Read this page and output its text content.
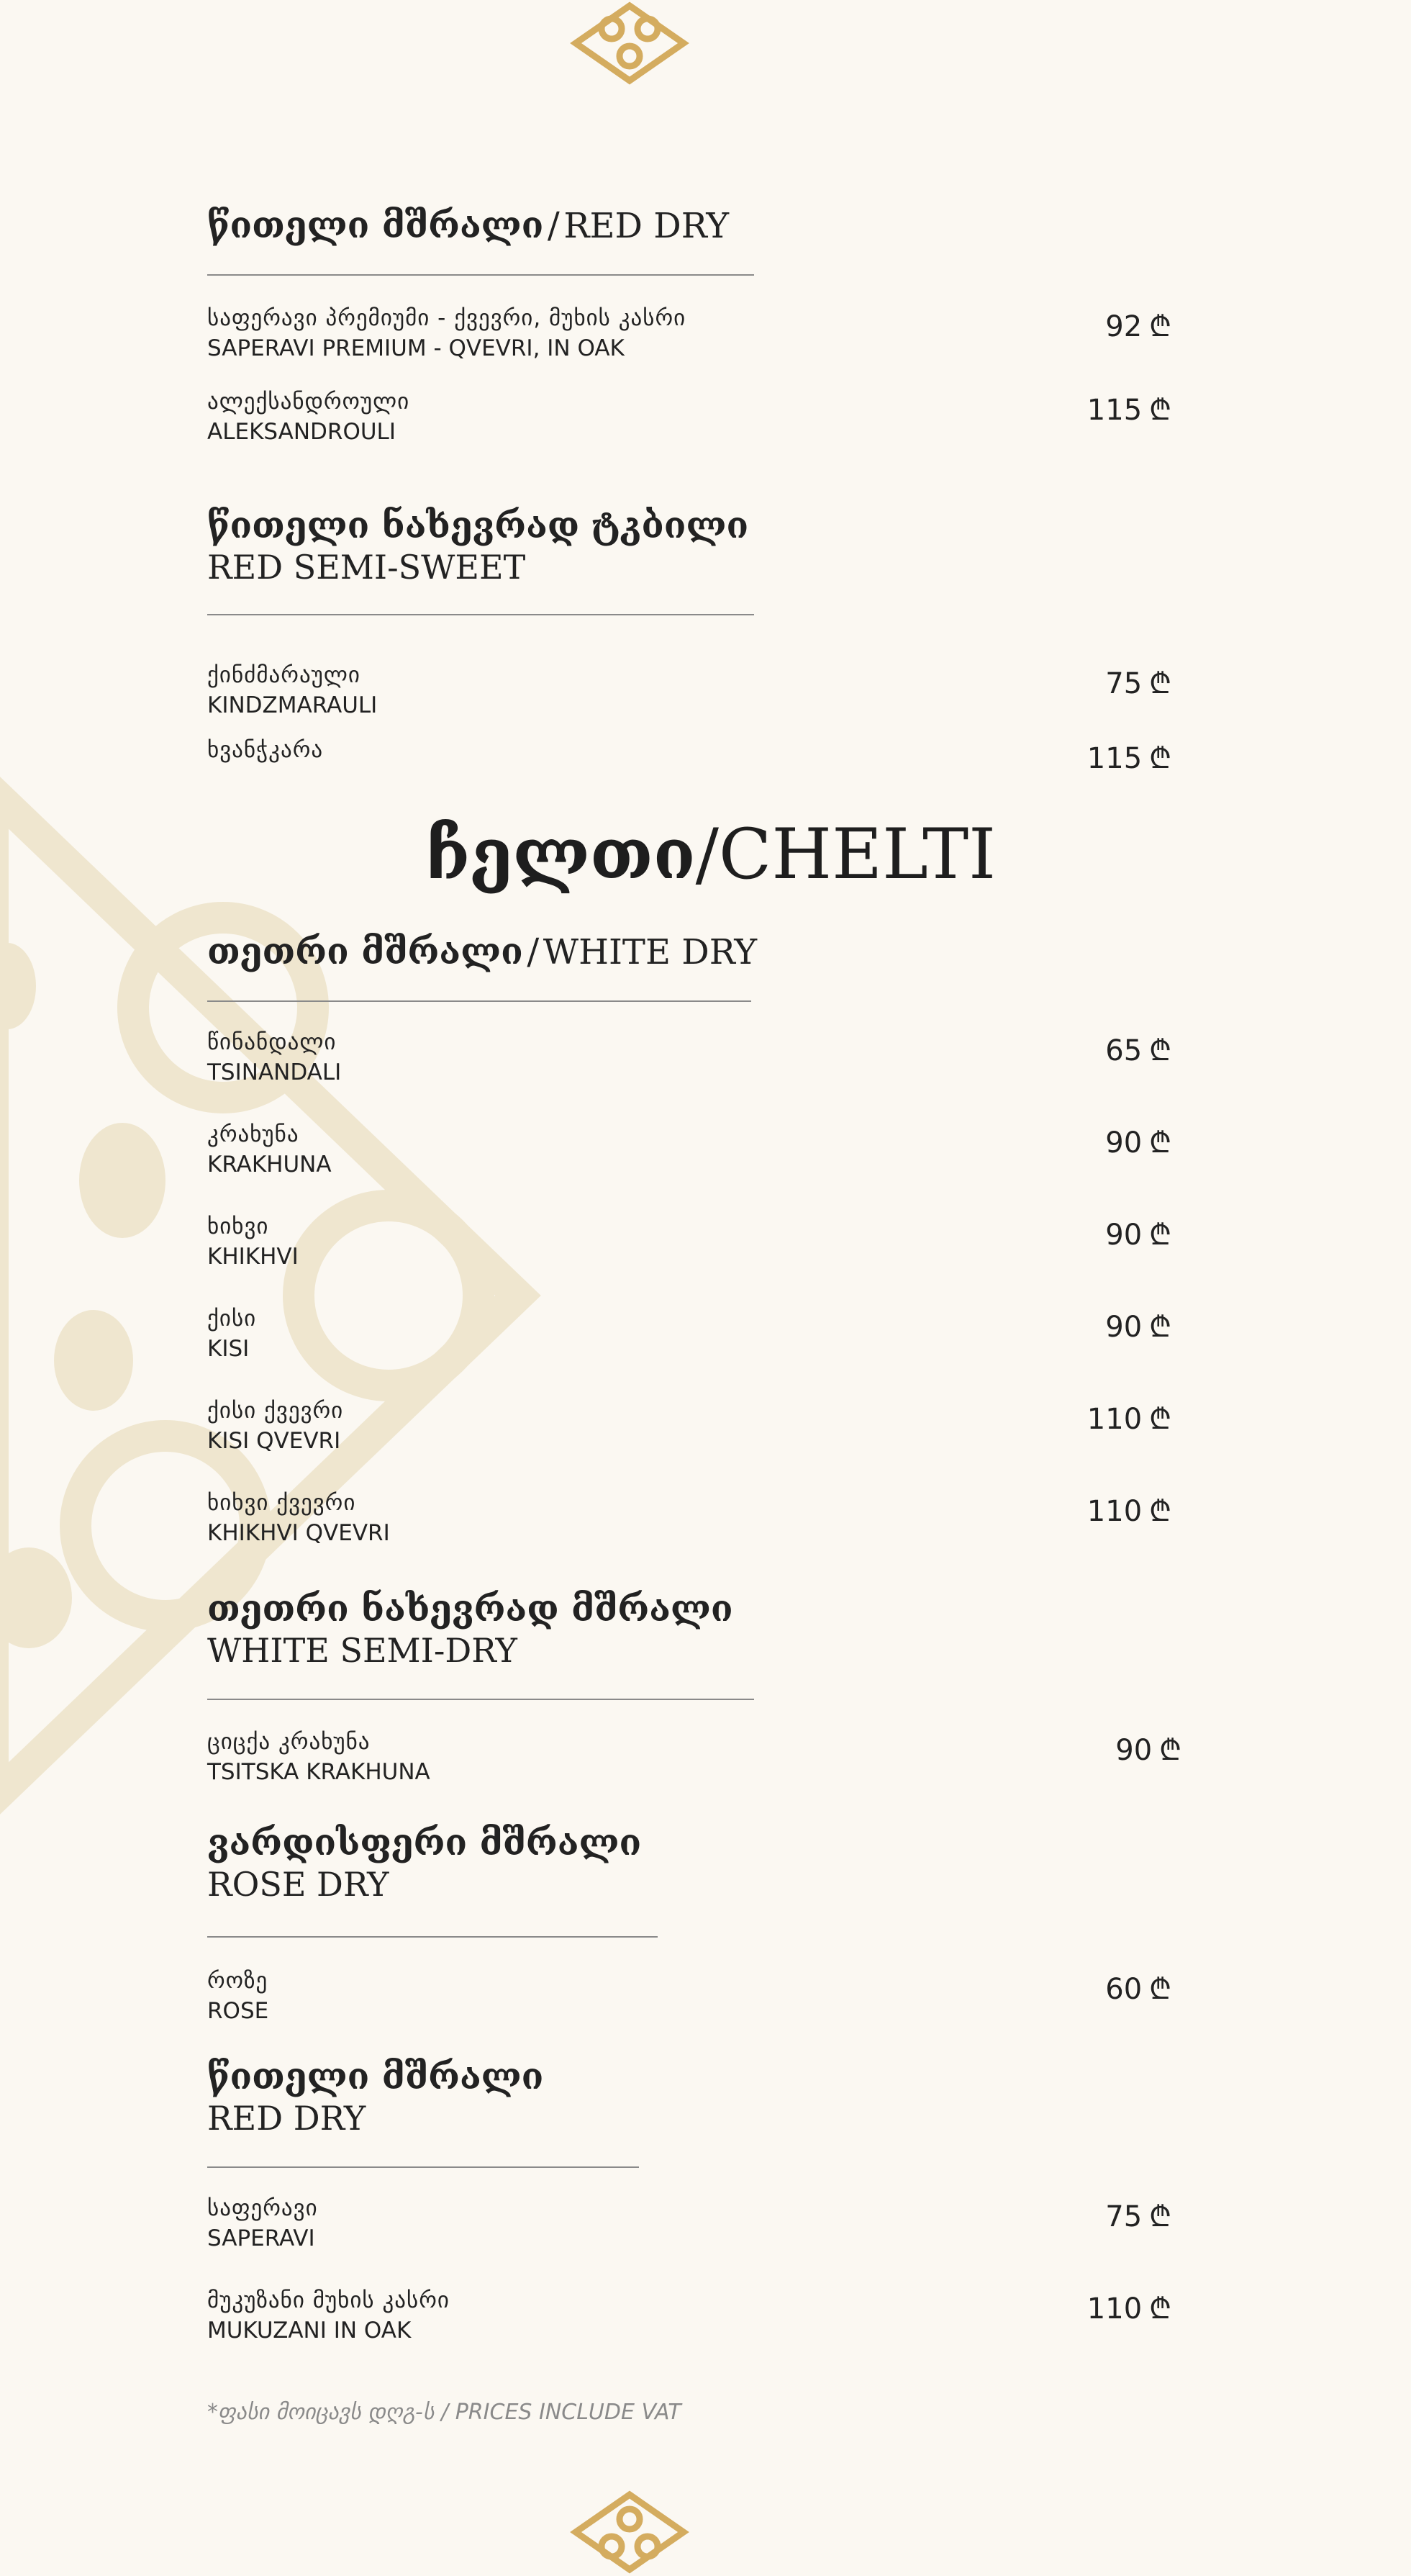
წითელი მშრალი / RED DRY
საფერავი პრემიუმი - ქვევრი, მუხის კასრი
SAPERAVI PREMIUM - QVEVRI, IN OAK
92 ₾
ალექსანდროული
ALEKSANDROULI
115 ₾
წითელი ნახევრად ტკბილი
RED SEMI-SWEET
ქინძმარაული
KINDZMARAULI
75 ₾
ხვანჭკარა	115 ₾
ჩელთი/CHELTI
თეთრი მშრალი / WHITE DRY
წინანდალი
TSINANDALI
65 ₾
კრახუნა
KRAKHUNA
90 ₾
ხიხვი
KHIKHVI
90 ₾
ქისი
KISI
90 ₾
ქისი ქვევრი
KISI QVEVRI
110 ₾
ხიხვი ქვევრი
KHIKHVI QVEVRI
110 ₾
თეთრი ნახევრად მშრალი
WHITE SEMI-DRY
ციცქა კრახუნა
TSITSKA KRAKHUNA
90 ₾
ვარდისფერი მშრალი
ROSE DRY
როზე
ROSE
60 ₾
წითელი მშრალი
RED DRY
საფერავი
SAPERAVI
75 ₾
მუკუზანი მუხის კასრი
MUKUZANI IN OAK
110 ₾
*ფასი მოიცავს დღგ-ს / PRICES INCLUDE VAT
